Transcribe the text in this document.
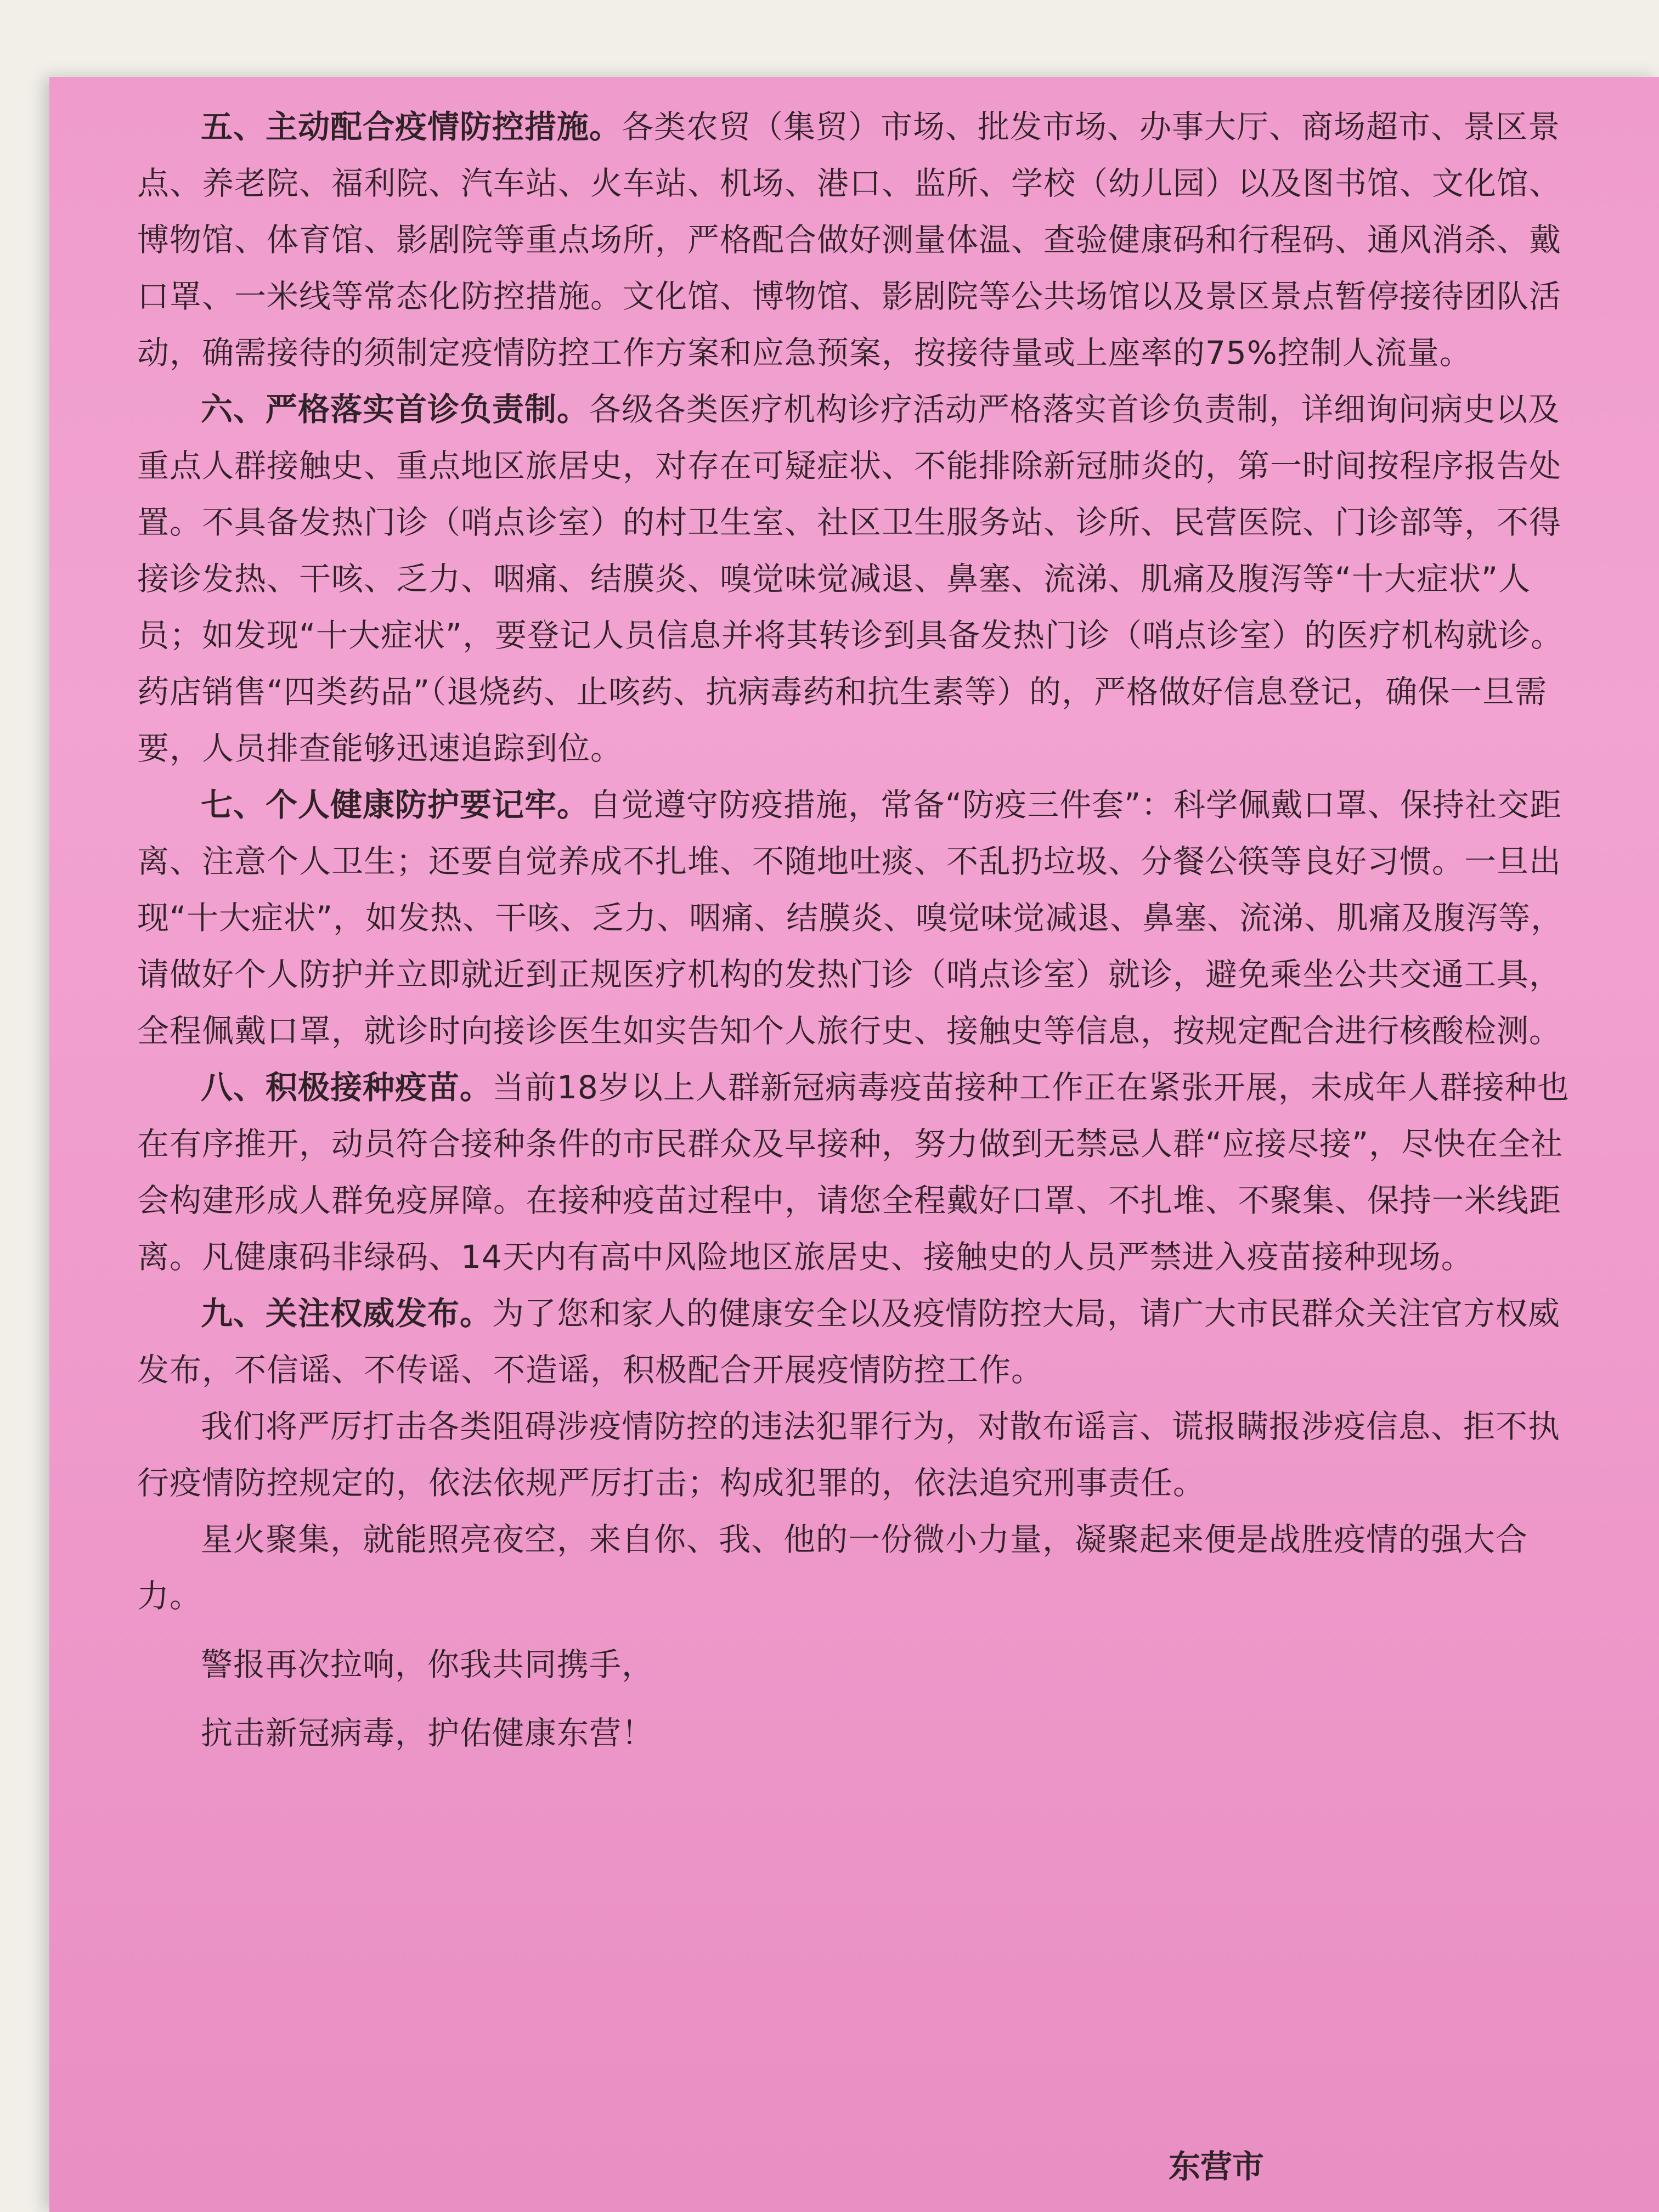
五、主动配合疫情防控措施。各类农贸（集贸）市场、批发市场、办事大厅、商场超市、景区景点、养老院、福利院、汽车站、火车站、机场、港口、监所、学校（幼儿园）以及图书馆、文化馆、博物馆、体育馆、影剧院等重点场所，严格配合做好测量体温、查验健康码和行程码、通风消杀、戴口罩、一米线等常态化防控措施。文化馆、博物馆、影剧院等公共场馆以及景区景点暂停接待团队活动，确需接待的须制定疫情防控工作方案和应急预案，按接待量或上座率的75%控制人流量。

六、严格落实首诊负责制。各级各类医疗机构诊疗活动严格落实首诊负责制，详细询问病史以及重点人群接触史、重点地区旅居史，对存在可疑症状、不能排除新冠肺炎的，第一时间按程序报告处置。不具备发热门诊（哨点诊室）的村卫生室、社区卫生服务站、诊所、民营医院、门诊部等，不得接诊发热、干咳、乏力、咽痛、结膜炎、嗅觉味觉减退、鼻塞、流涕、肌痛及腹泻等“十大症状”人员；如发现“十大症状”，要登记人员信息并将其转诊到具备发热门诊（哨点诊室）的医疗机构就诊。药店销售“四类药品”（退烧药、止咳药、抗病毒药和抗生素等）的，严格做好信息登记，确保一旦需要，人员排查能够迅速追踪到位。

七、个人健康防护要记牢。自觉遵守防疫措施，常备“防疫三件套”：科学佩戴口罩、保持社交距离、注意个人卫生；还要自觉养成不扎堆、不随地吐痰、不乱扔垃圾、分餐公筷等良好习惯。一旦出现“十大症状”，如发热、干咳、乏力、咽痛、结膜炎、嗅觉味觉减退、鼻塞、流涕、肌痛及腹泻等，请做好个人防护并立即就近到正规医疗机构的发热门诊（哨点诊室）就诊，避免乘坐公共交通工具，全程佩戴口罩，就诊时向接诊医生如实告知个人旅行史、接触史等信息，按规定配合进行核酸检测。

八、积极接种疫苗。当前18岁以上人群新冠病毒疫苗接种工作正在紧张开展，未成年人群接种也在有序推开，动员符合接种条件的市民群众及早接种，努力做到无禁忌人群“应接尽接”，尽快在全社会构建形成人群免疫屏障。在接种疫苗过程中，请您全程戴好口罩、不扎堆、不聚集、保持一米线距离。凡健康码非绿码、14天内有高中风险地区旅居史、接触史的人员严禁进入疫苗接种现场。

九、关注权威发布。为了您和家人的健康安全以及疫情防控大局，请广大市民群众关注官方权威发布，不信谣、不传谣、不造谣，积极配合开展疫情防控工作。

我们将严厉打击各类阻碍涉疫情防控的违法犯罪行为，对散布谣言、谎报瞒报涉疫信息、拒不执行疫情防控规定的，依法依规严厉打击；构成犯罪的，依法追究刑事责任。

星火聚集，就能照亮夜空，来自你、我、他的一份微小力量，凝聚起来便是战胜疫情的强大合力。

警报再次拉响，你我共同携手，

抗击新冠病毒，护佑健康东营！

东营市
